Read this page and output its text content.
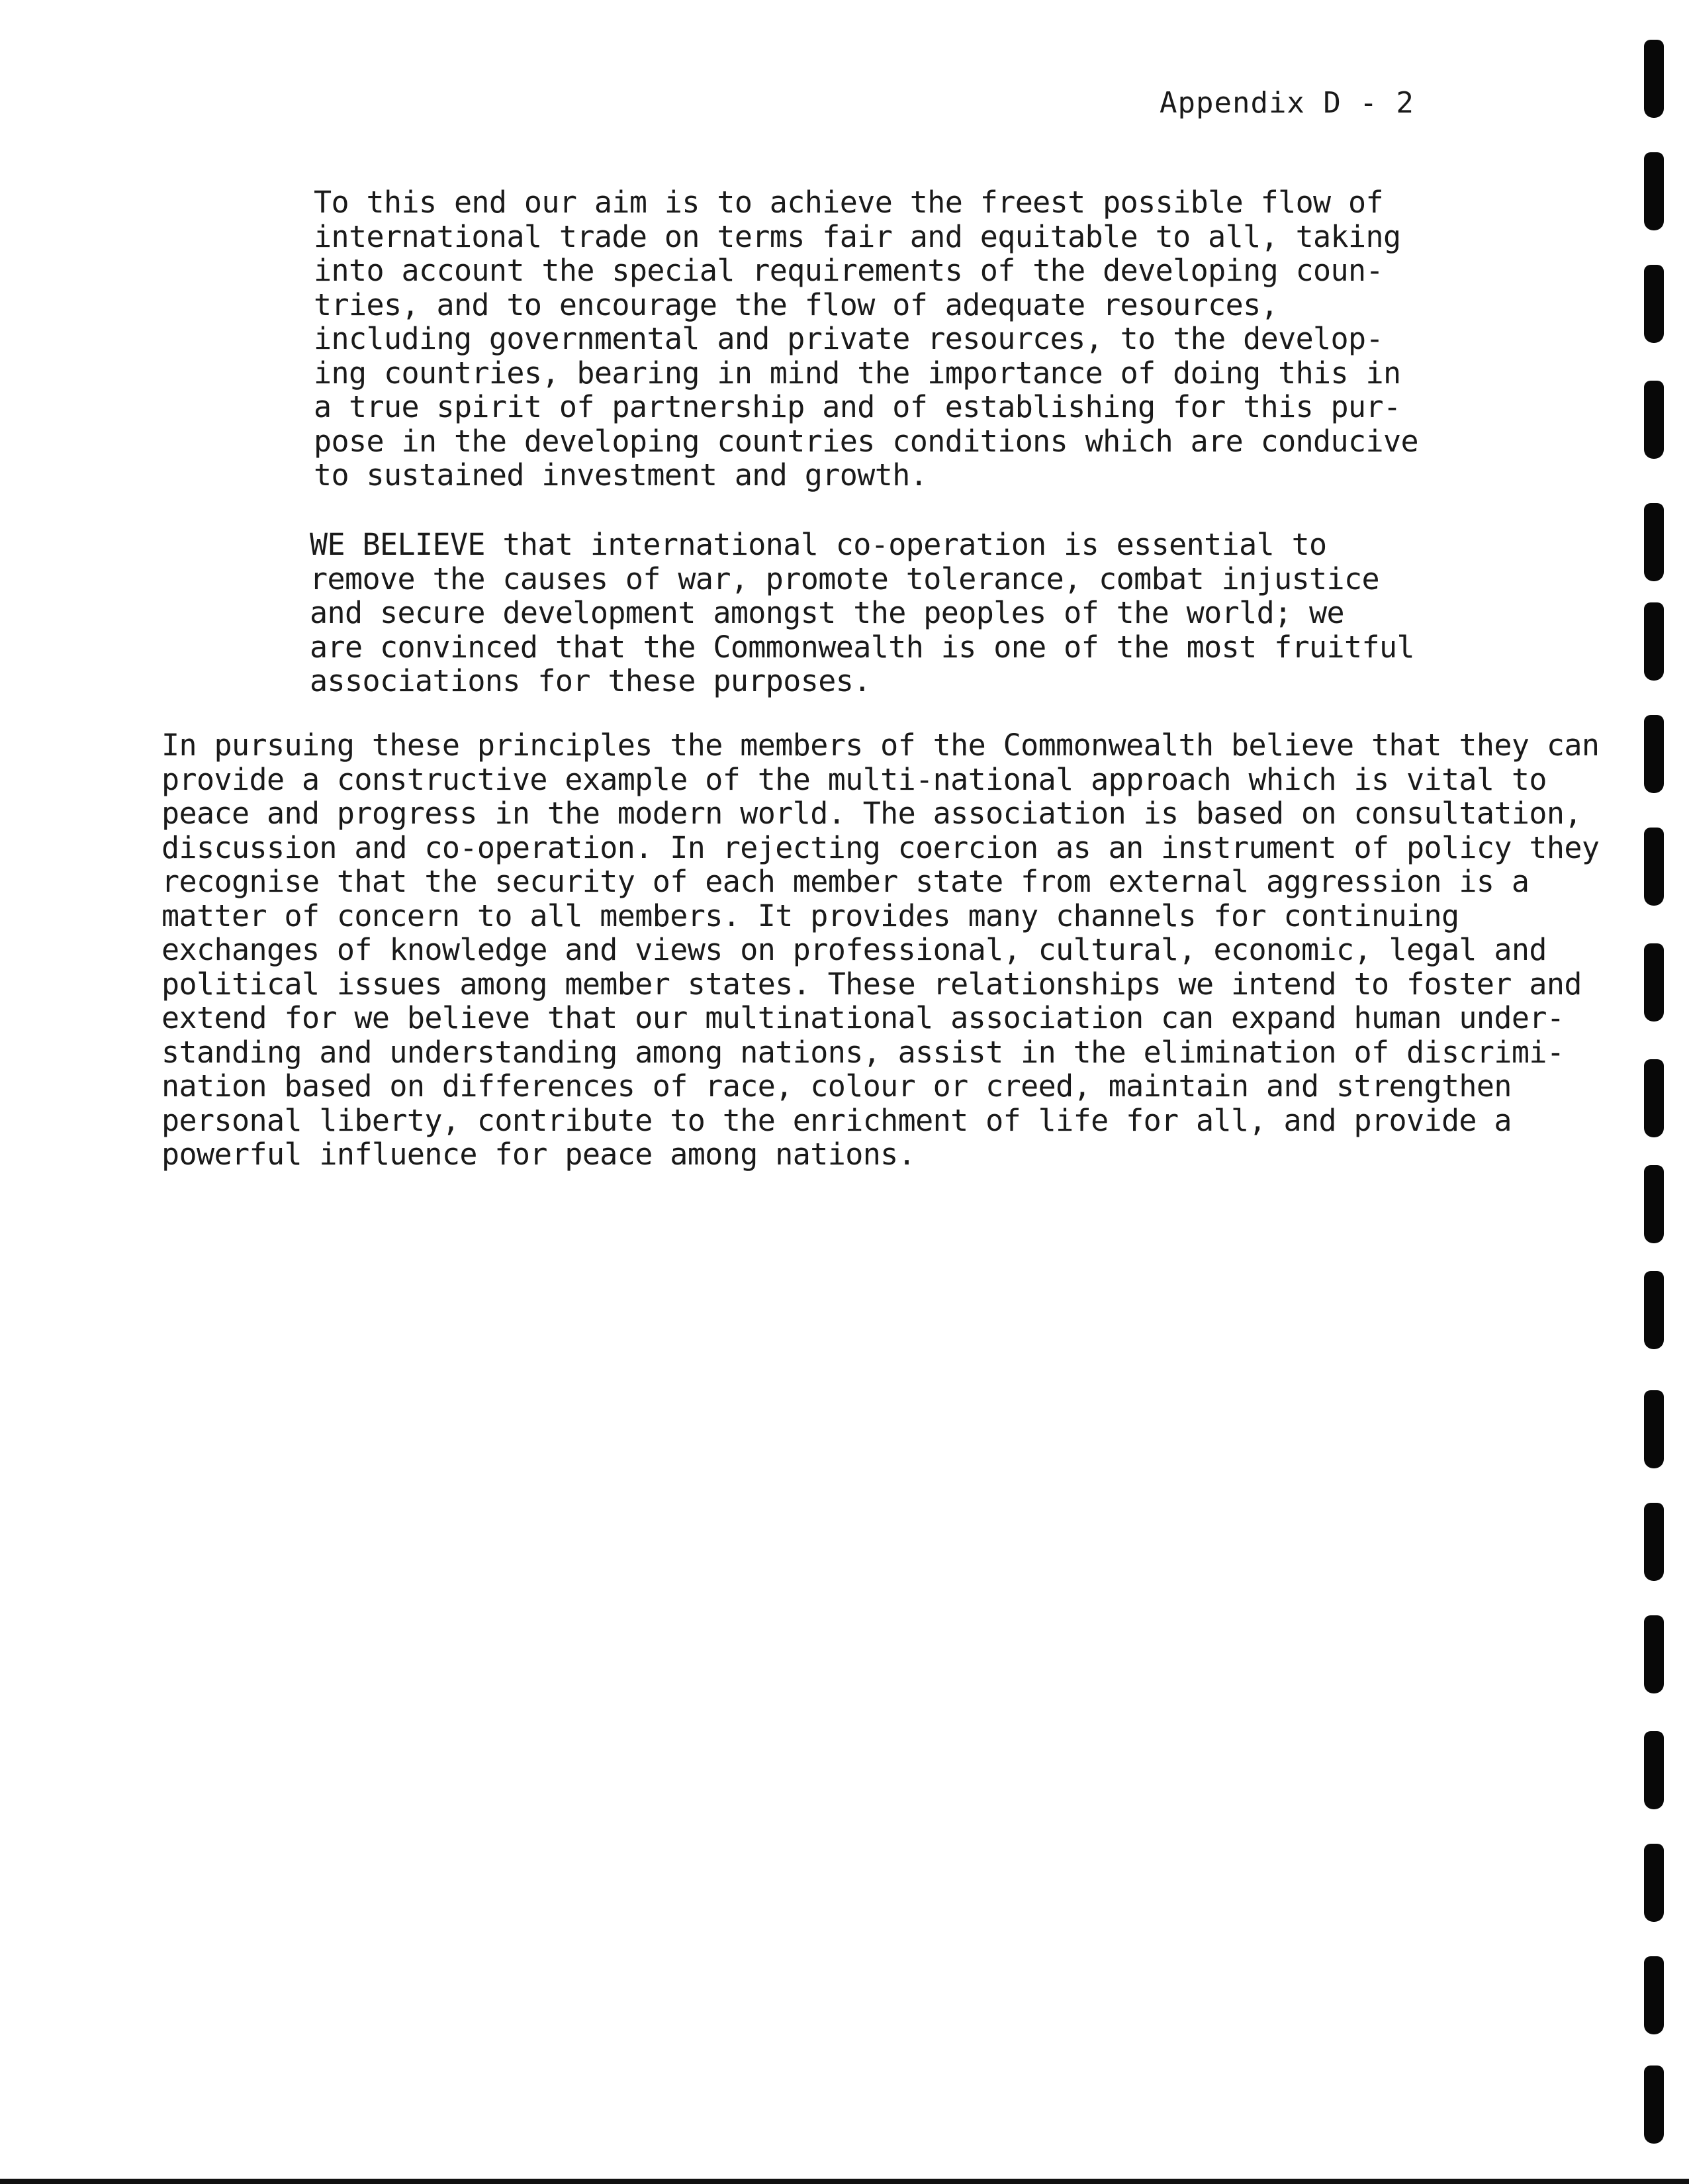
Appendix D - 2
To this end our aim is to achieve the freest possible flow of
international trade on terms fair and equitable to all, taking
into account the special requirements of the developing coun-
tries, and to encourage the flow of adequate resources,
including governmental and private resources, to the develop-
ing countries, bearing in mind the importance of doing this in
a true spirit of partnership and of establishing for this pur-
pose in the developing countries conditions which are conducive
to sustained investment and growth.
WE BELIEVE that international co-operation is essential to
remove the causes of war, promote tolerance, combat injustice
and secure development amongst the peoples of the world; we
are convinced that the Commonwealth is one of the most fruitful
associations for these purposes.
In pursuing these principles the members of the Commonwealth believe that they can
provide a constructive example of the multi-national approach which is vital to
peace and progress in the modern world. The association is based on consultation,
discussion and co-operation. In rejecting coercion as an instrument of policy they
recognise that the security of each member state from external aggression is a
matter of concern to all members. It provides many channels for continuing
exchanges of knowledge and views on professional, cultural, economic, legal and
political issues among member states. These relationships we intend to foster and
extend for we believe that our multinational association can expand human under-
standing and understanding among nations, assist in the elimination of discrimi-
nation based on differences of race, colour or creed, maintain and strengthen
personal liberty, contribute to the enrichment of life for all, and provide a
powerful influence for peace among nations.
